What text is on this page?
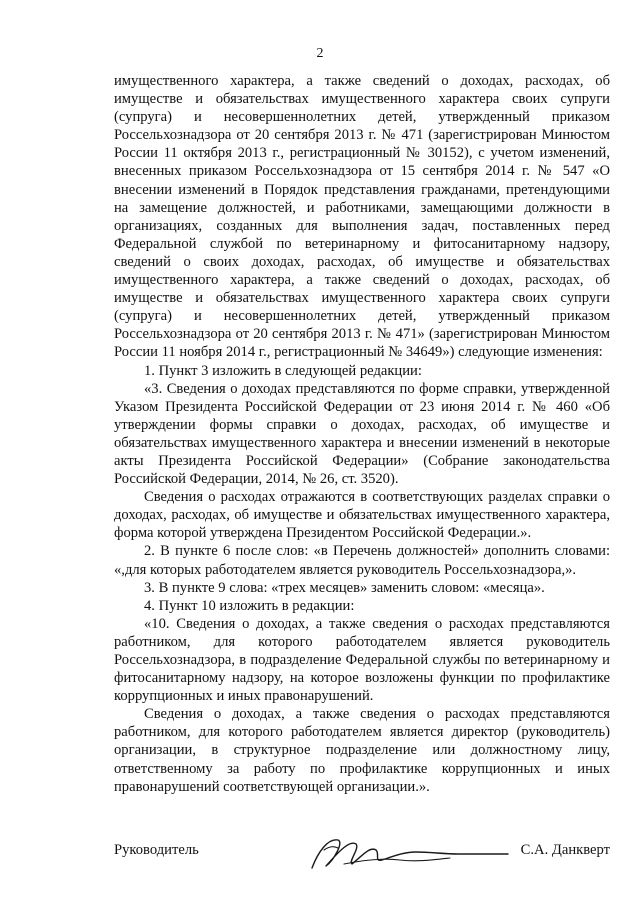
2

имущественного характера, а также сведений о доходах, расходах, об имуществе и обязательствах имущественного характера своих супруги (супруга) и несовершеннолетних детей, утвержденный приказом Россельхознадзора от 20 сентября 2013 г. № 471 (зарегистрирован Минюстом России 11 октября 2013 г., регистрационный № 30152), с учетом изменений, внесенных приказом Россельхознадзора от 15 сентября 2014 г. № 547 «О внесении изменений в Порядок представления гражданами, претендующими на замещение должностей, и работниками, замещающими должности в организациях, созданных для выполнения задач, поставленных перед Федеральной службой по ветеринарному и фитосанитарному надзору, сведений о своих доходах, расходах, об имуществе и обязательствах имущественного характера, а также сведений о доходах, расходах, об имуществе и обязательствах имущественного характера своих супруги (супруга) и несовершеннолетних детей, утвержденный приказом Россельхознадзора от 20 сентября 2013 г. № 471» (зарегистрирован Минюстом России 11 ноября 2014 г., регистрационный № 34649») следующие изменения:

1. Пункт 3 изложить в следующей редакции:

«3. Сведения о доходах представляются по форме справки, утвержденной Указом Президента Российской Федерации от 23 июня 2014 г. № 460 «Об утверждении формы справки о доходах, расходах, об имуществе и обязательствах имущественного характера и внесении изменений в некоторые акты Президента Российской Федерации» (Собрание законодательства Российской Федерации, 2014, № 26, ст. 3520).

Сведения о расходах отражаются в соответствующих разделах справки о доходах, расходах, об имуществе и обязательствах имущественного характера, форма которой утверждена Президентом Российской Федерации.».

2. В пункте 6 после слов: «в Перечень должностей» дополнить словами: «,для которых работодателем является руководитель Россельхознадзора,».

3. В пункте 9 слова: «трех месяцев» заменить словом: «месяца».

4. Пункт 10 изложить в редакции:

«10. Сведения о доходах, а также сведения о расходах представляются работником, для которого работодателем является руководитель Россельхознадзора, в подразделение Федеральной службы по ветеринарному и фитосанитарному надзору, на которое возложены функции по профилактике коррупционных и иных правонарушений.

Сведения о доходах, а также сведения о расходах представляются работником, для которого работодателем является директор (руководитель) организации, в структурное подразделение или должностному лицу, ответственному за работу по профилактике коррупционных и иных правонарушений соответствующей организации.».

Руководитель	С.А. Данкверт
